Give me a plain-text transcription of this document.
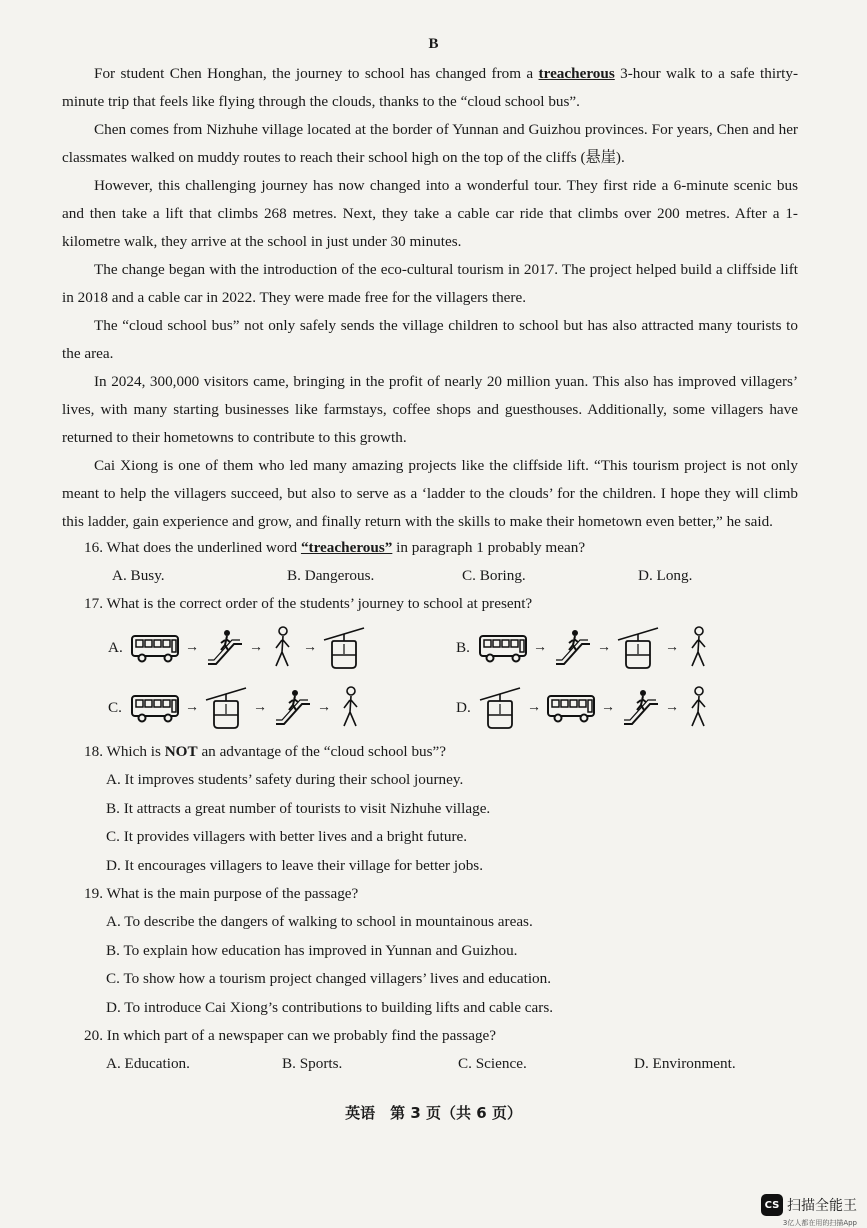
B

For student Chen Honghan, the journey to school has changed from a treacherous 3-hour walk to a safe thirty-minute trip that feels like flying through the clouds, thanks to the “cloud school bus”.

Chen comes from Nizhuhe village located at the border of Yunnan and Guizhou provinces. For years, Chen and her classmates walked on muddy routes to reach their school high on the top of the cliffs (悬崖).

However, this challenging journey has now changed into a wonderful tour. They first ride a 6-minute scenic bus and then take a lift that climbs 268 metres. Next, they take a cable car ride that climbs over 200 metres. After a 1-kilometre walk, they arrive at the school in just under 30 minutes.

The change began with the introduction of the eco-cultural tourism in 2017. The project helped build a cliffside lift in 2018 and a cable car in 2022. They were made free for the villagers there.

The “cloud school bus” not only safely sends the village children to school but has also attracted many tourists to the area.

In 2024, 300,000 visitors came, bringing in the profit of nearly 20 million yuan. This also has improved villagers’ lives, with many starting businesses like farmstays, coffee shops and guesthouses. Additionally, some villagers have returned to their hometowns to contribute to this growth.

Cai Xiong is one of them who led many amazing projects like the cliffside lift. “This tourism project is not only meant to help the villagers succeed, but also to serve as a ‘ladder to the clouds’ for the children. I hope they will climb this ladder, gain experience and grow, and finally return with the skills to make their hometown even better,” he said.

16. What does the underlined word “treacherous” in paragraph 1 probably mean?
A. Busy.	B. Dangerous.	C. Boring.	D. Long.
17. What is the correct order of the students’ journey to school at present?
A.	→	→	→	B.	→	→	→
C.	→	→	→	D.	→	→	→
18. Which is NOT an advantage of the “cloud school bus”?
A. It improves students’ safety during their school journey.
B. It attracts a great number of tourists to visit Nizhuhe village.
C. It provides villagers with better lives and a bright future.
D. It encourages villagers to leave their village for better jobs.
19. What is the main purpose of the passage?
A. To describe the dangers of walking to school in mountainous areas.
B. To explain how education has improved in Yunnan and Guizhou.
C. To show how a tourism project changed villagers’ lives and education.
D. To introduce Cai Xiong’s contributions to building lifts and cable cars.
20. In which part of a newspaper can we probably find the passage?
A. Education.	B. Sports.	C. Science.	D. Environment.
英语　第 3 页（共 6 页）
CS 扫描全能王
3亿人都在用的扫描App
